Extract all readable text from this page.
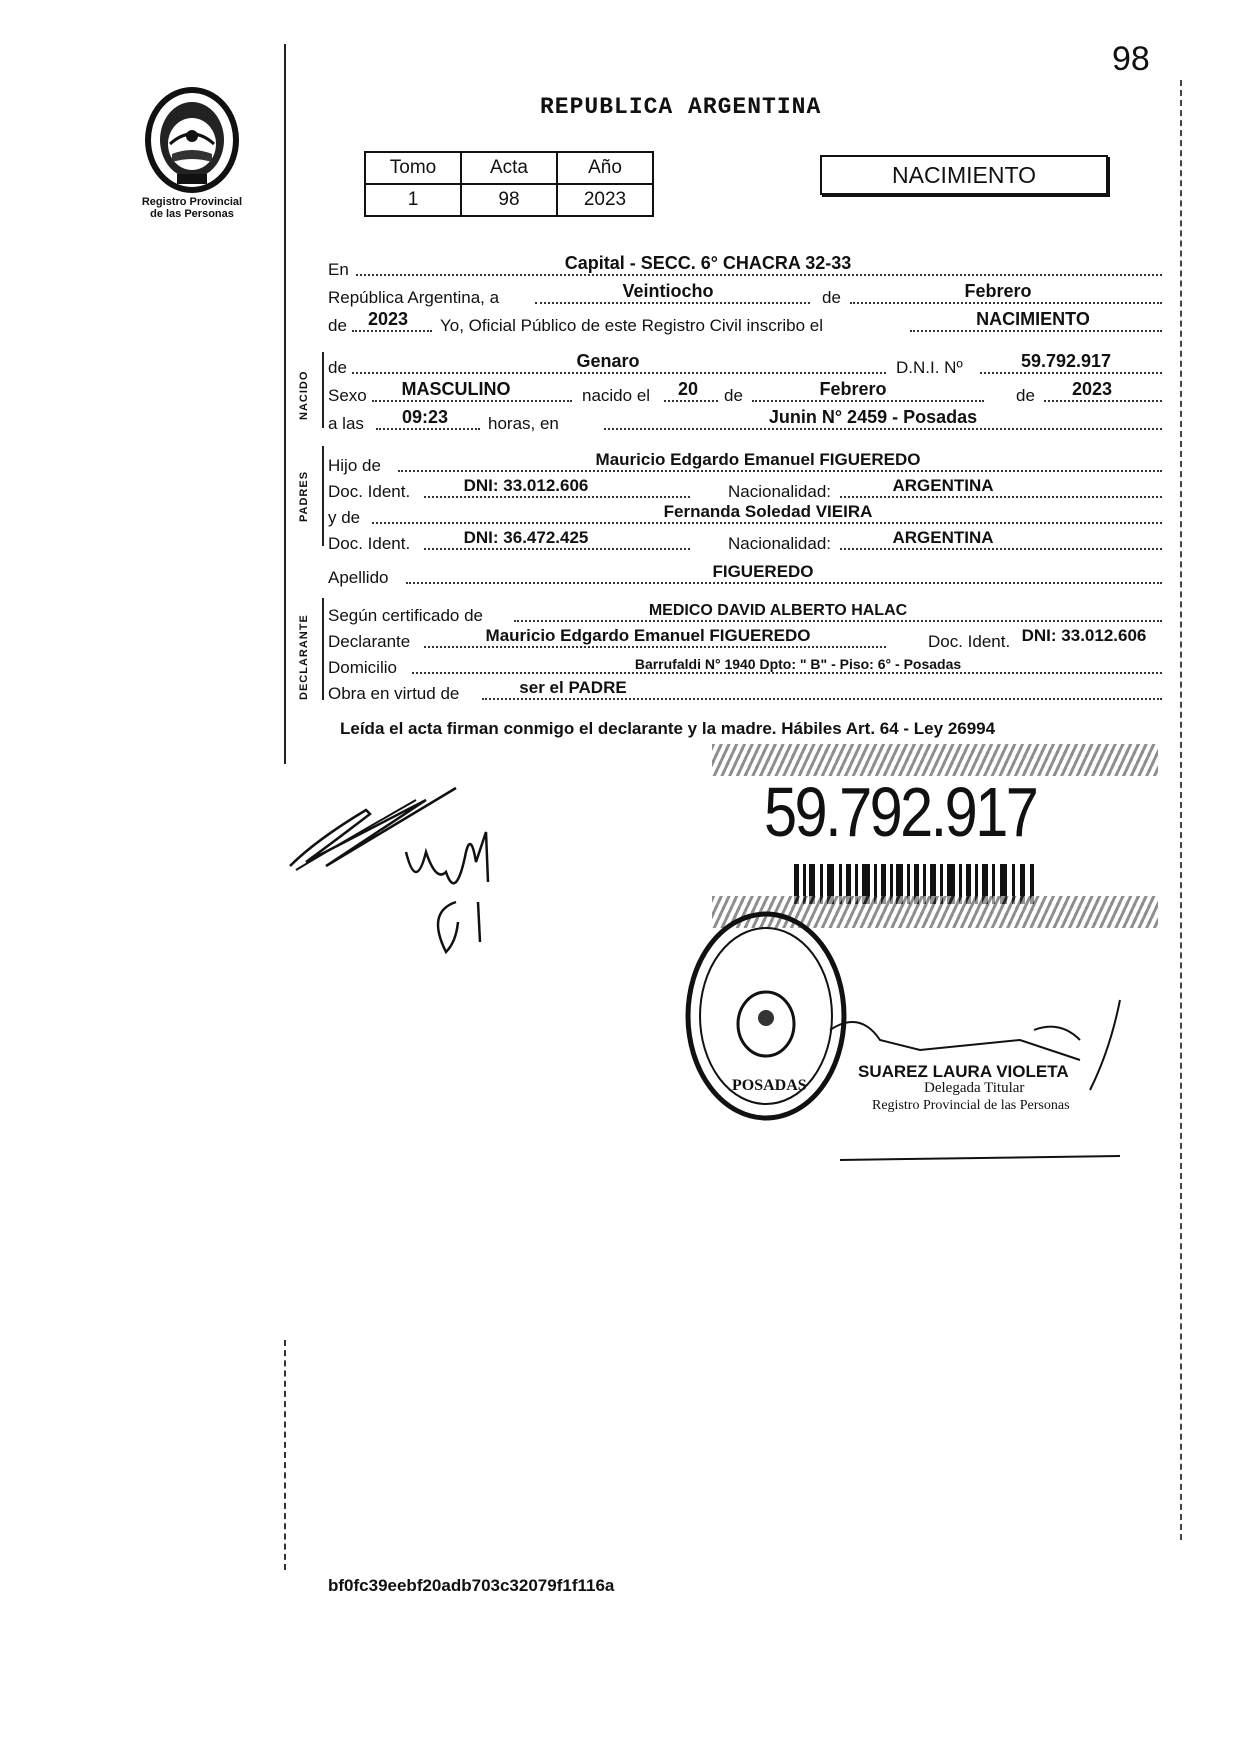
98
Registro Provincial
de las Personas
REPUBLICA ARGENTINA
Tomo	Acta	Año
1	98	2023
NACIMIENTO
NACIDO
PADRES
DECLARANTE
En	Capital - SECC. 6° CHACRA 32-33
República Argentina, a	Veintiocho	de	Febrero
de	2023	Yo, Oficial Público de este Registro Civil inscribo el	NACIMIENTO
de	Genaro	D.N.I. Nº	59.792.917
Sexo	MASCULINO	nacido el	20	de	Febrero	de	2023
a las	09:23	horas, en	Junin N° 2459 - Posadas
Hijo de	Mauricio Edgardo Emanuel FIGUEREDO
Doc. Ident.	DNI: 33.012.606	Nacionalidad:	ARGENTINA
y de	Fernanda Soledad VIEIRA
Doc. Ident.	DNI: 36.472.425	Nacionalidad:	ARGENTINA
Apellido	FIGUEREDO
Según certificado de	MEDICO DAVID ALBERTO HALAC
Declarante	Mauricio Edgardo Emanuel FIGUEREDO	Doc. Ident. DNI: 33.012.606
Domicilio	Barrufaldi N° 1940 Dpto: " B" - Piso: 6° - Posadas
Obra en virtud de	ser el PADRE
Leída el acta firman conmigo el declarante y la madre. Hábiles Art. 64 - Ley 26994
59.792.917
POSADAS
SUAREZ LAURA VIOLETA
Delegada Titular
Registro Provincial de las Personas
bf0fc39eebf20adb703c32079f1f116a
